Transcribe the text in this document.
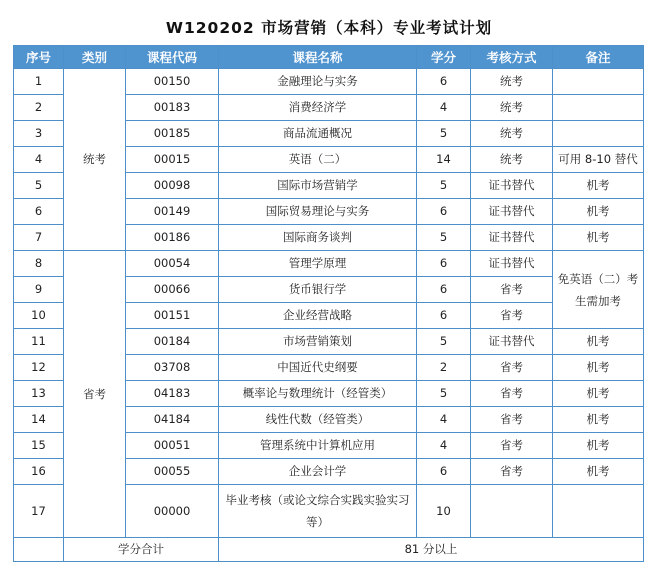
W120202 市场营销（本科）专业考试计划
序号	类别	课程代码	课程名称	学分	考核方式	备注
1	统考	00150	金融理论与实务	6	统考	
2		00183	消费经济学	4	统考	
3		00185	商品流通概况	5	统考	
4		00015	英语（二）	14	统考	可用 8-10 替代
5		00098	国际市场营销学	5	证书替代	机考
6		00149	国际贸易理论与实务	6	证书替代	机考
7		00186	国际商务谈判	5	证书替代	机考
8	省考	00054	管理学原理	6	证书替代	免英语（二）考生需加考
9		00066	货币银行学	6	省考	
10		00151	企业经营战略	6	省考	
11		00184	市场营销策划	5	证书替代	机考
12		03708	中国近代史纲要	2	省考	机考
13		04183	概率论与数理统计（经管类）	5	省考	机考
14		04184	线性代数（经管类）	4	省考	机考
15		00051	管理系统中计算机应用	4	省考	机考
16		00055	企业会计学	6	省考	机考
17		00000	毕业考核（或论文综合实践实验实习等）	10		
	学分合计		81 分以上			
